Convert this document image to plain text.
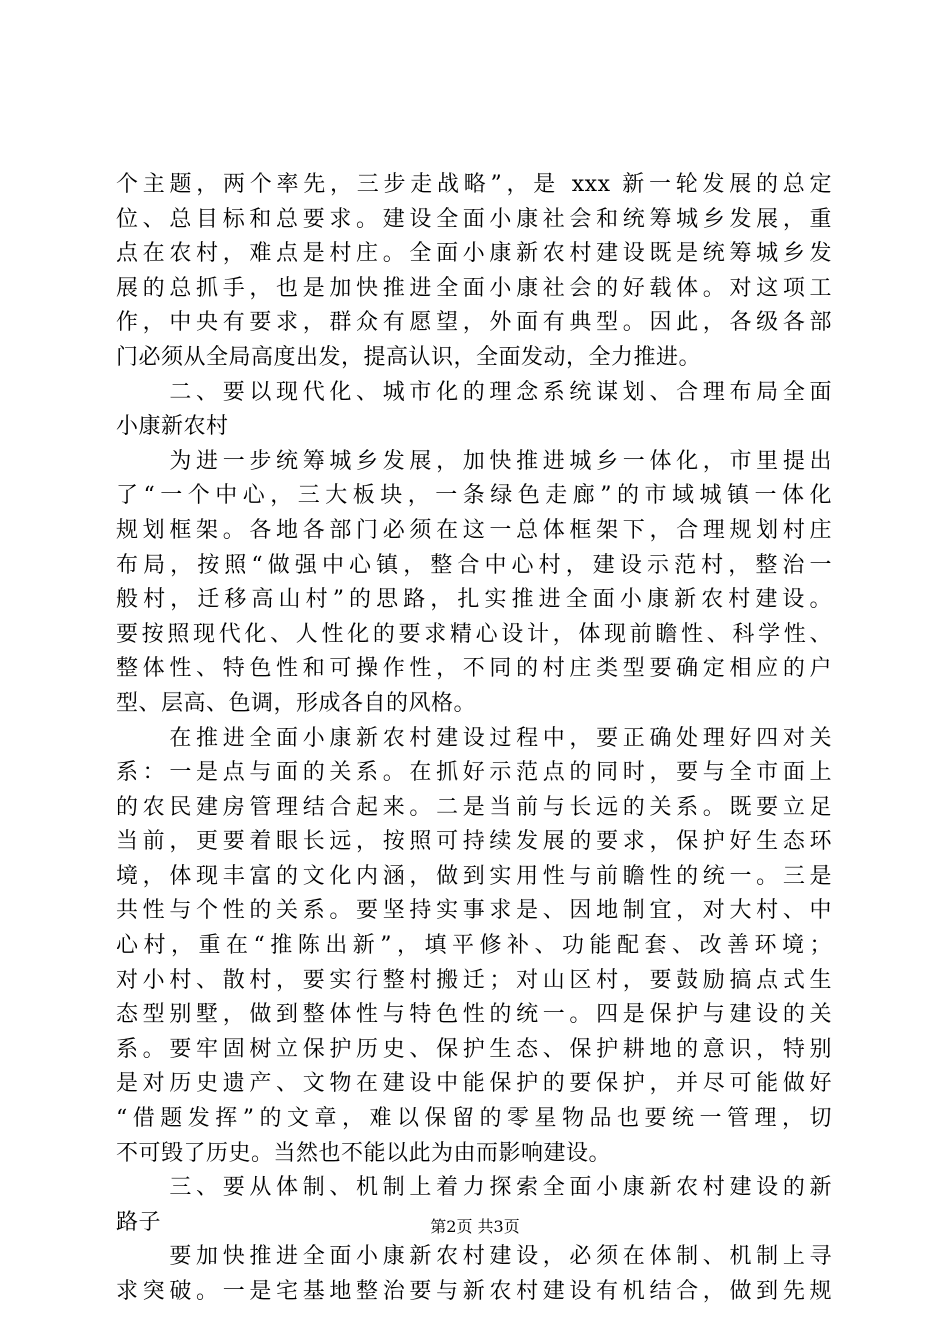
个主题，两个率先，三步走战略”，是 xxx 新一轮发展的总定
位、总目标和总要求。建设全面小康社会和统筹城乡发展，重
点在农村，难点是村庄。全面小康新农村建设既是统筹城乡发
展的总抓手，也是加快推进全面小康社会的好载体。对这项工
作，中央有要求，群众有愿望，外面有典型。因此，各级各部
门必须从全局高度出发，提高认识，全面发动，全力推进。
　　二、要以现代化、城市化的理念系统谋划、合理布局全面
小康新农村
　　为进一步统筹城乡发展，加快推进城乡一体化，市里提出
了“一个中心，三大板块，一条绿色走廊”的市域城镇一体化
规划框架。各地各部门必须在这一总体框架下，合理规划村庄
布局，按照“做强中心镇，整合中心村，建设示范村，整治一
般村，迁移高山村”的思路，扎实推进全面小康新农村建设。
要按照现代化、人性化的要求精心设计，体现前瞻性、科学性、
整体性、特色性和可操作性，不同的村庄类型要确定相应的户
型、层高、色调，形成各自的风格。
　　在推进全面小康新农村建设过程中，要正确处理好四对关
系：一是点与面的关系。在抓好示范点的同时，要与全市面上
的农民建房管理结合起来。二是当前与长远的关系。既要立足
当前，更要着眼长远，按照可持续发展的要求，保护好生态环
境，体现丰富的文化内涵，做到实用性与前瞻性的统一。三是
共性与个性的关系。要坚持实事求是、因地制宜，对大村、中
心村，重在“推陈出新”，填平修补、功能配套、改善环境；
对小村、散村，要实行整村搬迁；对山区村，要鼓励搞点式生
态型别墅，做到整体性与特色性的统一。四是保护与建设的关
系。要牢固树立保护历史、保护生态、保护耕地的意识，特别
是对历史遗产、文物在建设中能保护的要保护，并尽可能做好
“借题发挥”的文章，难以保留的零星物品也要统一管理，切
不可毁了历史。当然也不能以此为由而影响建设。
　　三、要从体制、机制上着力探索全面小康新农村建设的新
路子
　　要加快推进全面小康新农村建设，必须在体制、机制上寻
求突破。一是宅基地整治要与新农村建设有机结合，做到先规
第2页 共3页
